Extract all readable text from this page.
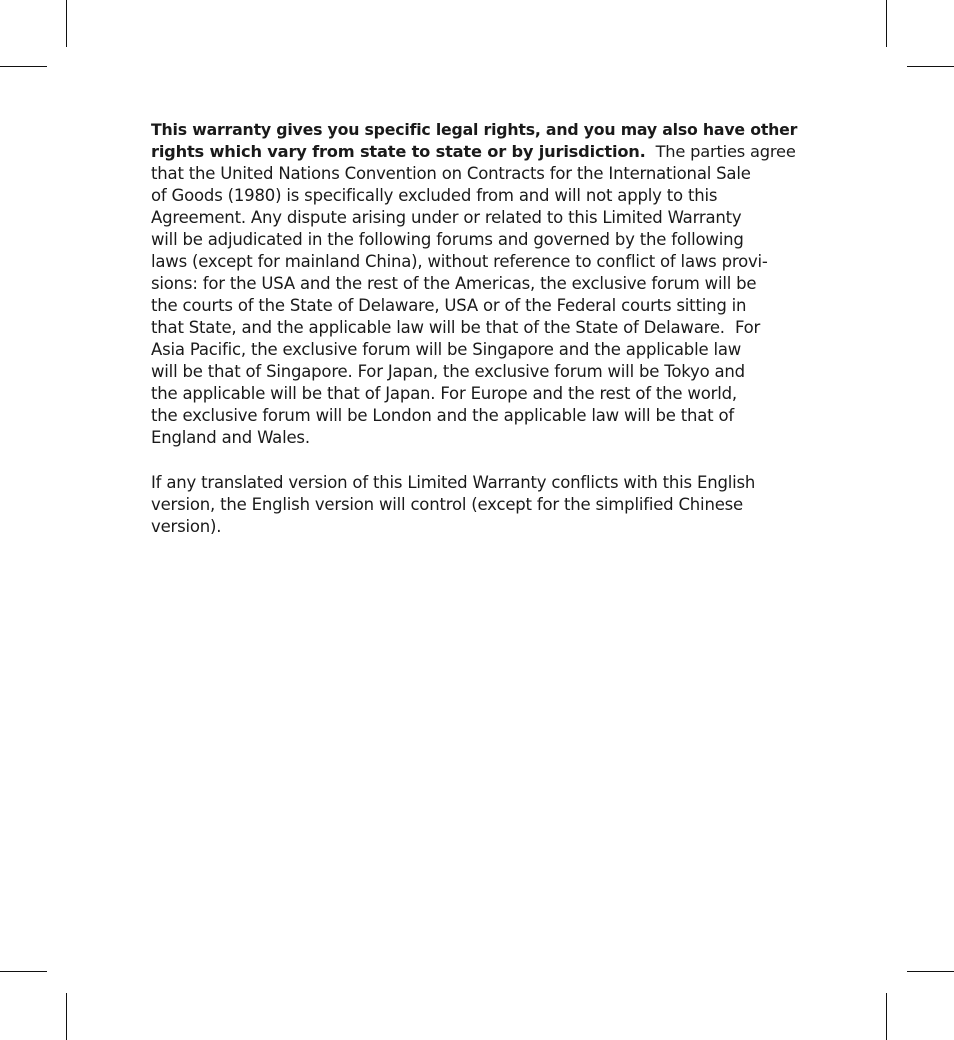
This warranty gives you specific legal rights, and you may also have other
rights which vary from state to state or by jurisdiction.  The parties agree
that the United Nations Convention on Contracts for the International Sale
of Goods (1980) is specifically excluded from and will not apply to this
Agreement. Any dispute arising under or related to this Limited Warranty
will be adjudicated in the following forums and governed by the following
laws (except for mainland China), without reference to conflict of laws provi-
sions: for the USA and the rest of the Americas, the exclusive forum will be
the courts of the State of Delaware, USA or of the Federal courts sitting in
that State, and the applicable law will be that of the State of Delaware.  For
Asia Pacific, the exclusive forum will be Singapore and the applicable law
will be that of Singapore. For Japan, the exclusive forum will be Tokyo and
the applicable will be that of Japan. For Europe and the rest of the world,
the exclusive forum will be London and the applicable law will be that of
England and Wales.
If any translated version of this Limited Warranty conflicts with this English
version, the English version will control (except for the simplified Chinese
version).
